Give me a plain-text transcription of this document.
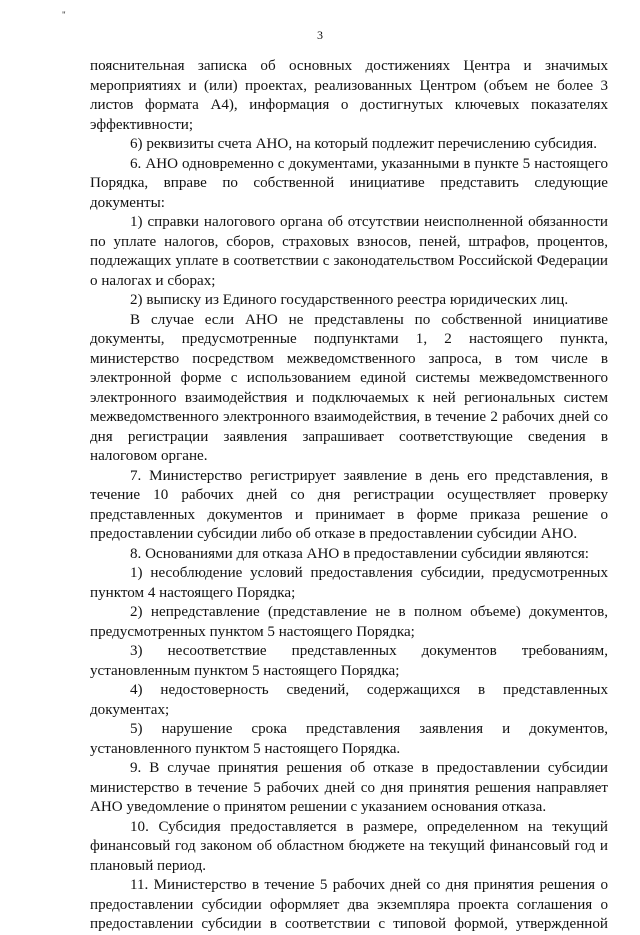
"
3

пояснительная записка об основных достижениях Центра и значимых мероприятиях и (или) проектах, реализованных Центром (объем не более 3 листов формата А4), информация о достигнутых ключевых показателях эффективности;

6) реквизиты счета АНО, на который подлежит перечислению субсидия.

6. АНО одновременно с документами, указанными в пункте 5 настоящего Порядка, вправе по собственной инициативе представить следующие документы:

1) справки налогового органа об отсутствии неисполненной обязанности по уплате налогов, сборов, страховых взносов, пеней, штрафов, процентов, подлежащих уплате в соответствии с законодательством Российской Федерации о налогах и сборах;

2) выписку из Единого государственного реестра юридических лиц.

В случае если АНО не представлены по собственной инициативе документы, предусмотренные подпунктами 1, 2 настоящего пункта, министерство посредством межведомственного запроса, в том числе в электронной форме с использованием единой системы межведомственного электронного взаимодействия и подключаемых к ней региональных систем межведомственного электронного взаимодействия, в течение 2 рабочих дней со дня регистрации заявления запрашивает соответствующие сведения в налоговом органе.

7. Министерство регистрирует заявление в день его представления, в течение 10 рабочих дней со дня регистрации осуществляет проверку представленных документов и принимает в форме приказа решение о предоставлении субсидии либо об отказе в предоставлении субсидии АНО.

8. Основаниями для отказа АНО в предоставлении субсидии являются:

1) несоблюдение условий предоставления субсидии, предусмотренных пунктом 4 настоящего Порядка;

2) непредставление (представление не в полном объеме) документов, предусмотренных пунктом 5 настоящего Порядка;

3) несоответствие представленных документов требованиям, установленным пунктом 5 настоящего Порядка;

4) недостоверность сведений, содержащихся в представленных документах;

5) нарушение срока представления заявления и документов, установленного пунктом 5 настоящего Порядка.

9. В случае принятия решения об отказе в предоставлении субсидии министерство в течение 5 рабочих дней со дня принятия решения направляет АНО уведомление о принятом решении с указанием основания отказа.

10. Субсидия предоставляется в размере, определенном на текущий финансовый год законом об областном бюджете на текущий финансовый год и плановый период.

11. Министерство в течение 5 рабочих дней со дня принятия решения о предоставлении субсидии оформляет два экземпляра проекта соглашения о предоставлении субсидии в соответствии с типовой формой, утвержденной
